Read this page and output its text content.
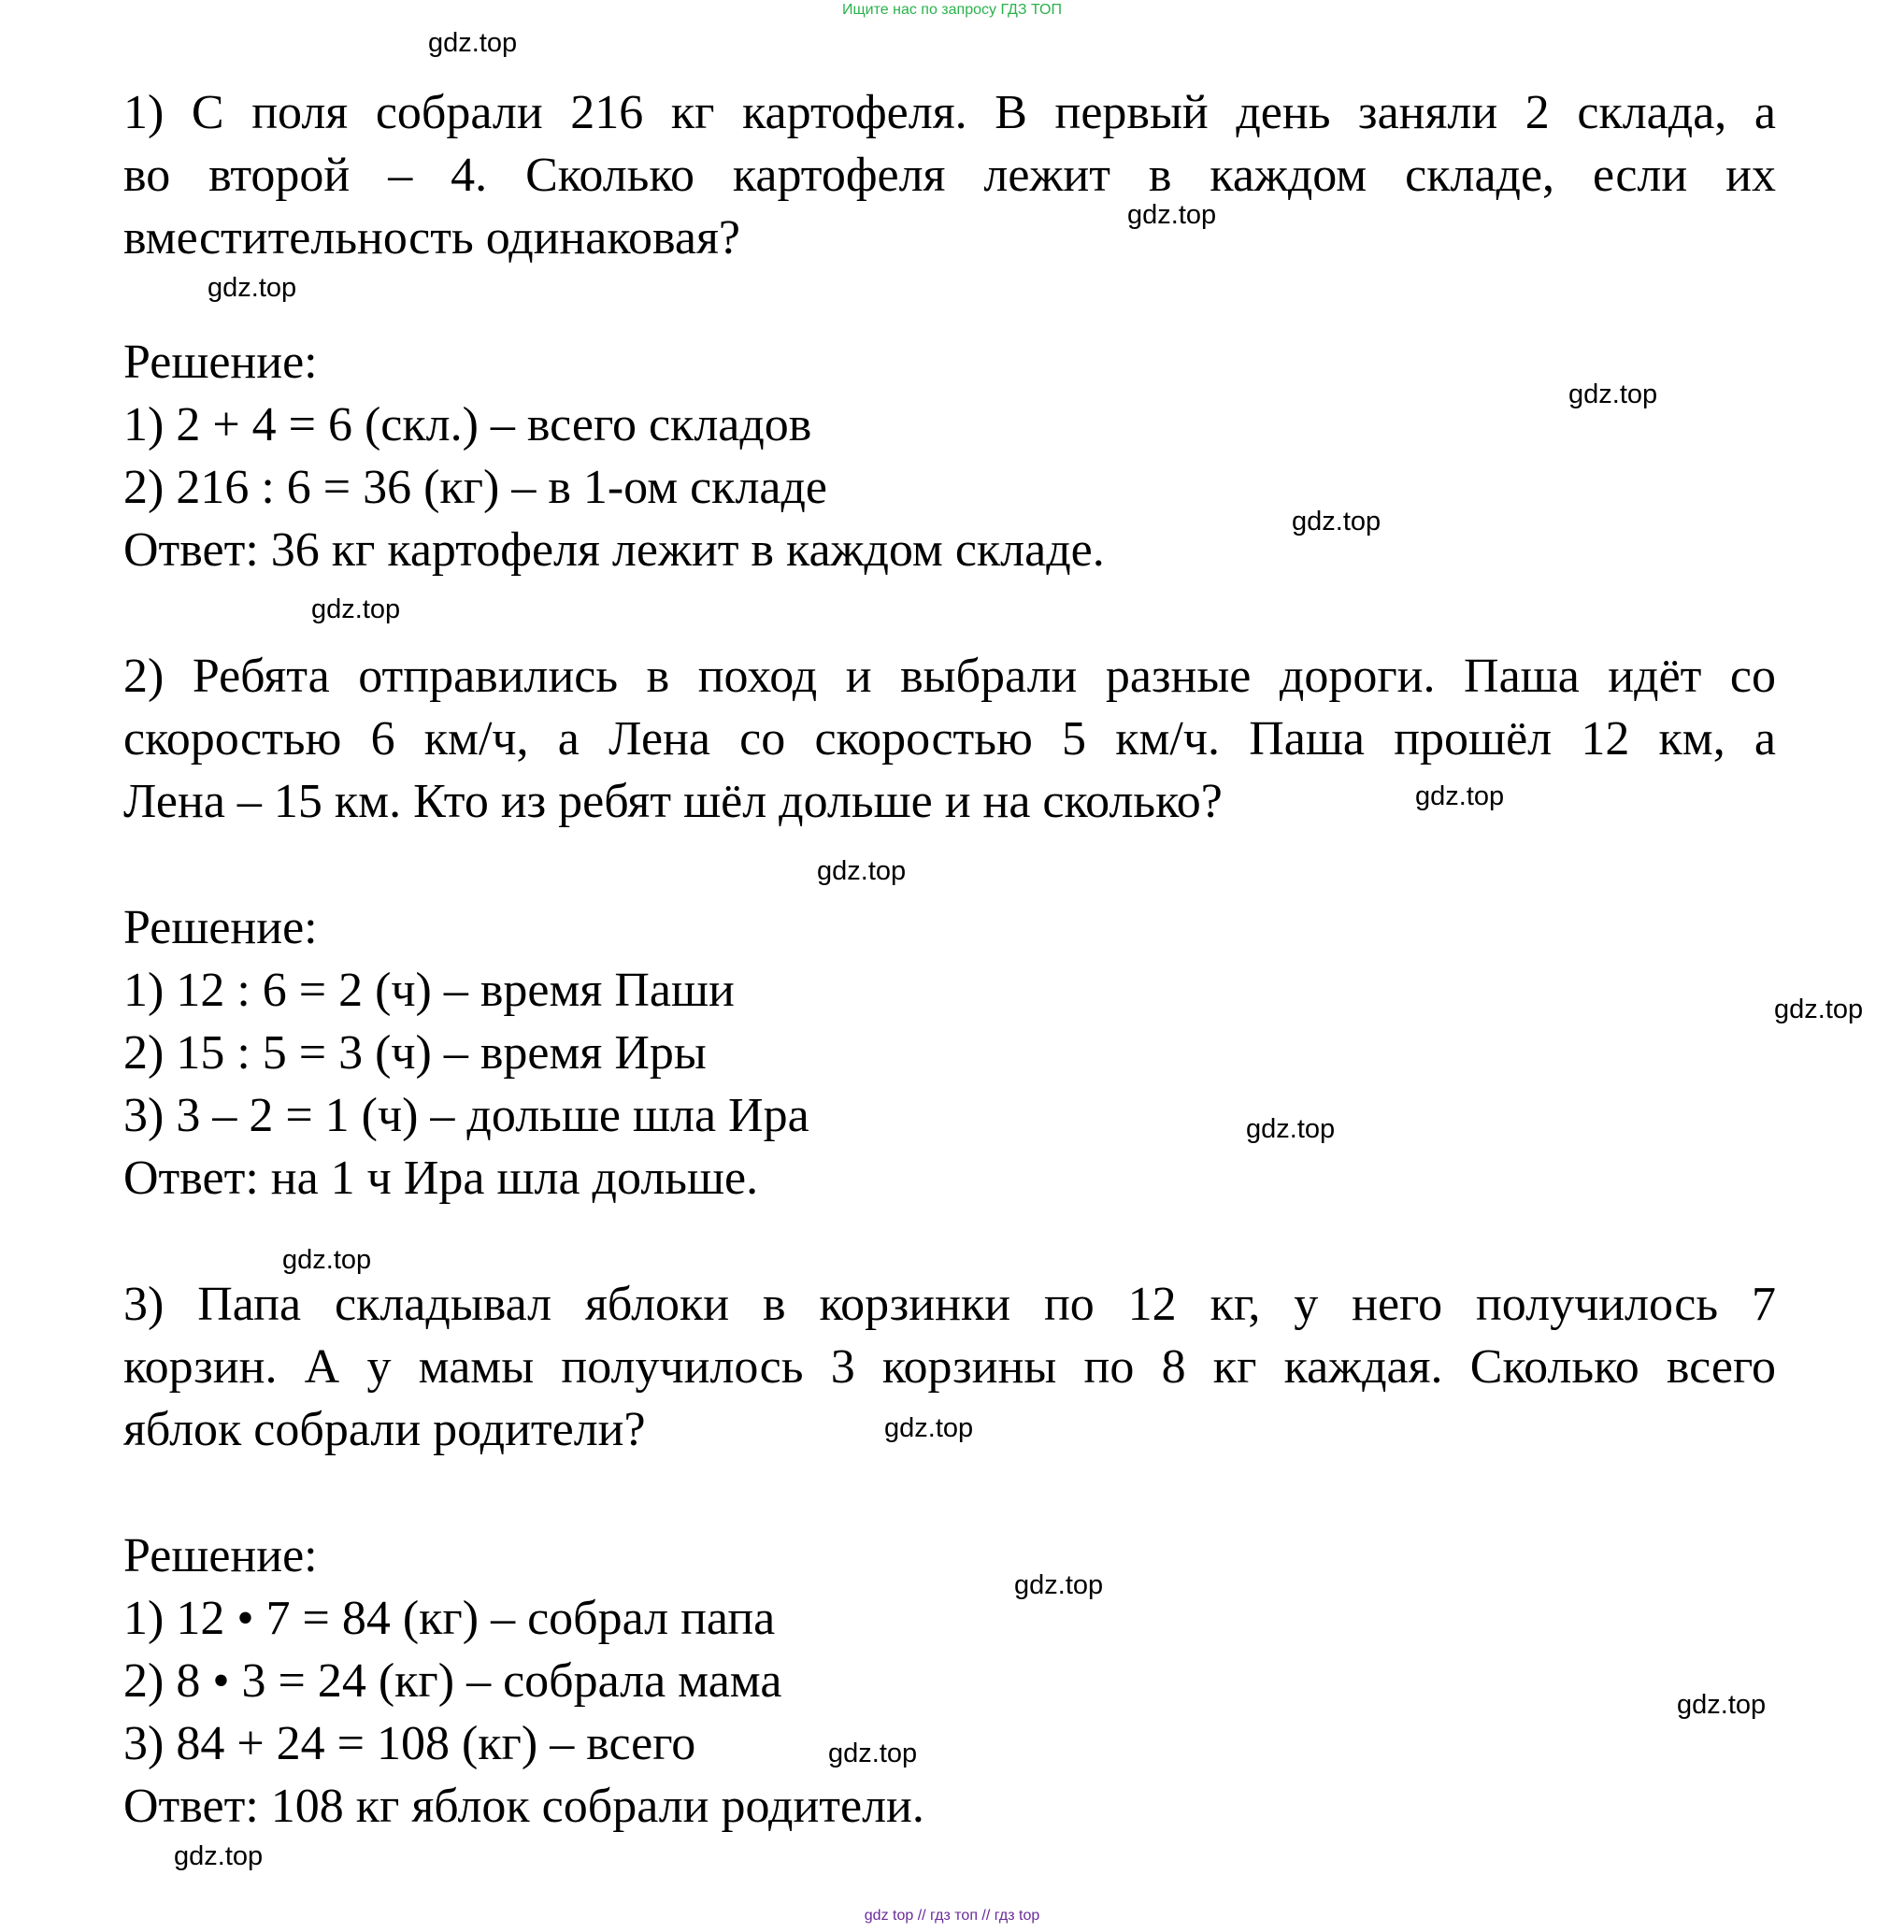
Ищите нас по запросу ГДЗ ТОП
1) С поля собрали 216 кг картофеля. В первый день заняли 2 склада, а
во второй – 4. Сколько картофеля лежит в каждом складе, если их
вместительность одинаковая?
Решение:
1) 2 + 4 = 6 (скл.) – всего складов
2) 216 : 6 = 36 (кг) – в 1-ом складе
Ответ: 36 кг картофеля лежит в каждом складе.
2) Ребята отправились в поход и выбрали разные дороги. Паша идёт со
скоростью 6 км/ч, а Лена со скоростью 5 км/ч. Паша прошёл 12 км, а
Лена – 15 км. Кто из ребят шёл дольше и на сколько?
Решение:
1) 12 : 6 = 2 (ч) – время Паши
2) 15 : 5 = 3 (ч) – время Иры
3) 3 – 2 = 1 (ч) – дольше шла Ира
Ответ: на 1 ч Ира шла дольше.
3) Папа складывал яблоки в корзинки по 12 кг, у него получилось 7
корзин. А у мамы получилось 3 корзины по 8 кг каждая. Сколько всего
яблок собрали родители?
Решение:
1) 12 • 7 = 84 (кг) – собрал папа
2) 8 • 3 = 24 (кг) – собрала мама
3) 84 + 24 = 108 (кг) – всего
Ответ: 108 кг яблок собрали родители.
gdz.top
gdz.top
gdz.top
gdz.top
gdz.top
gdz.top
gdz.top
gdz.top
gdz.top
gdz.top
gdz.top
gdz.top
gdz.top
gdz.top
gdz.top
gdz.top
gdz top // гдз топ // гдз top
